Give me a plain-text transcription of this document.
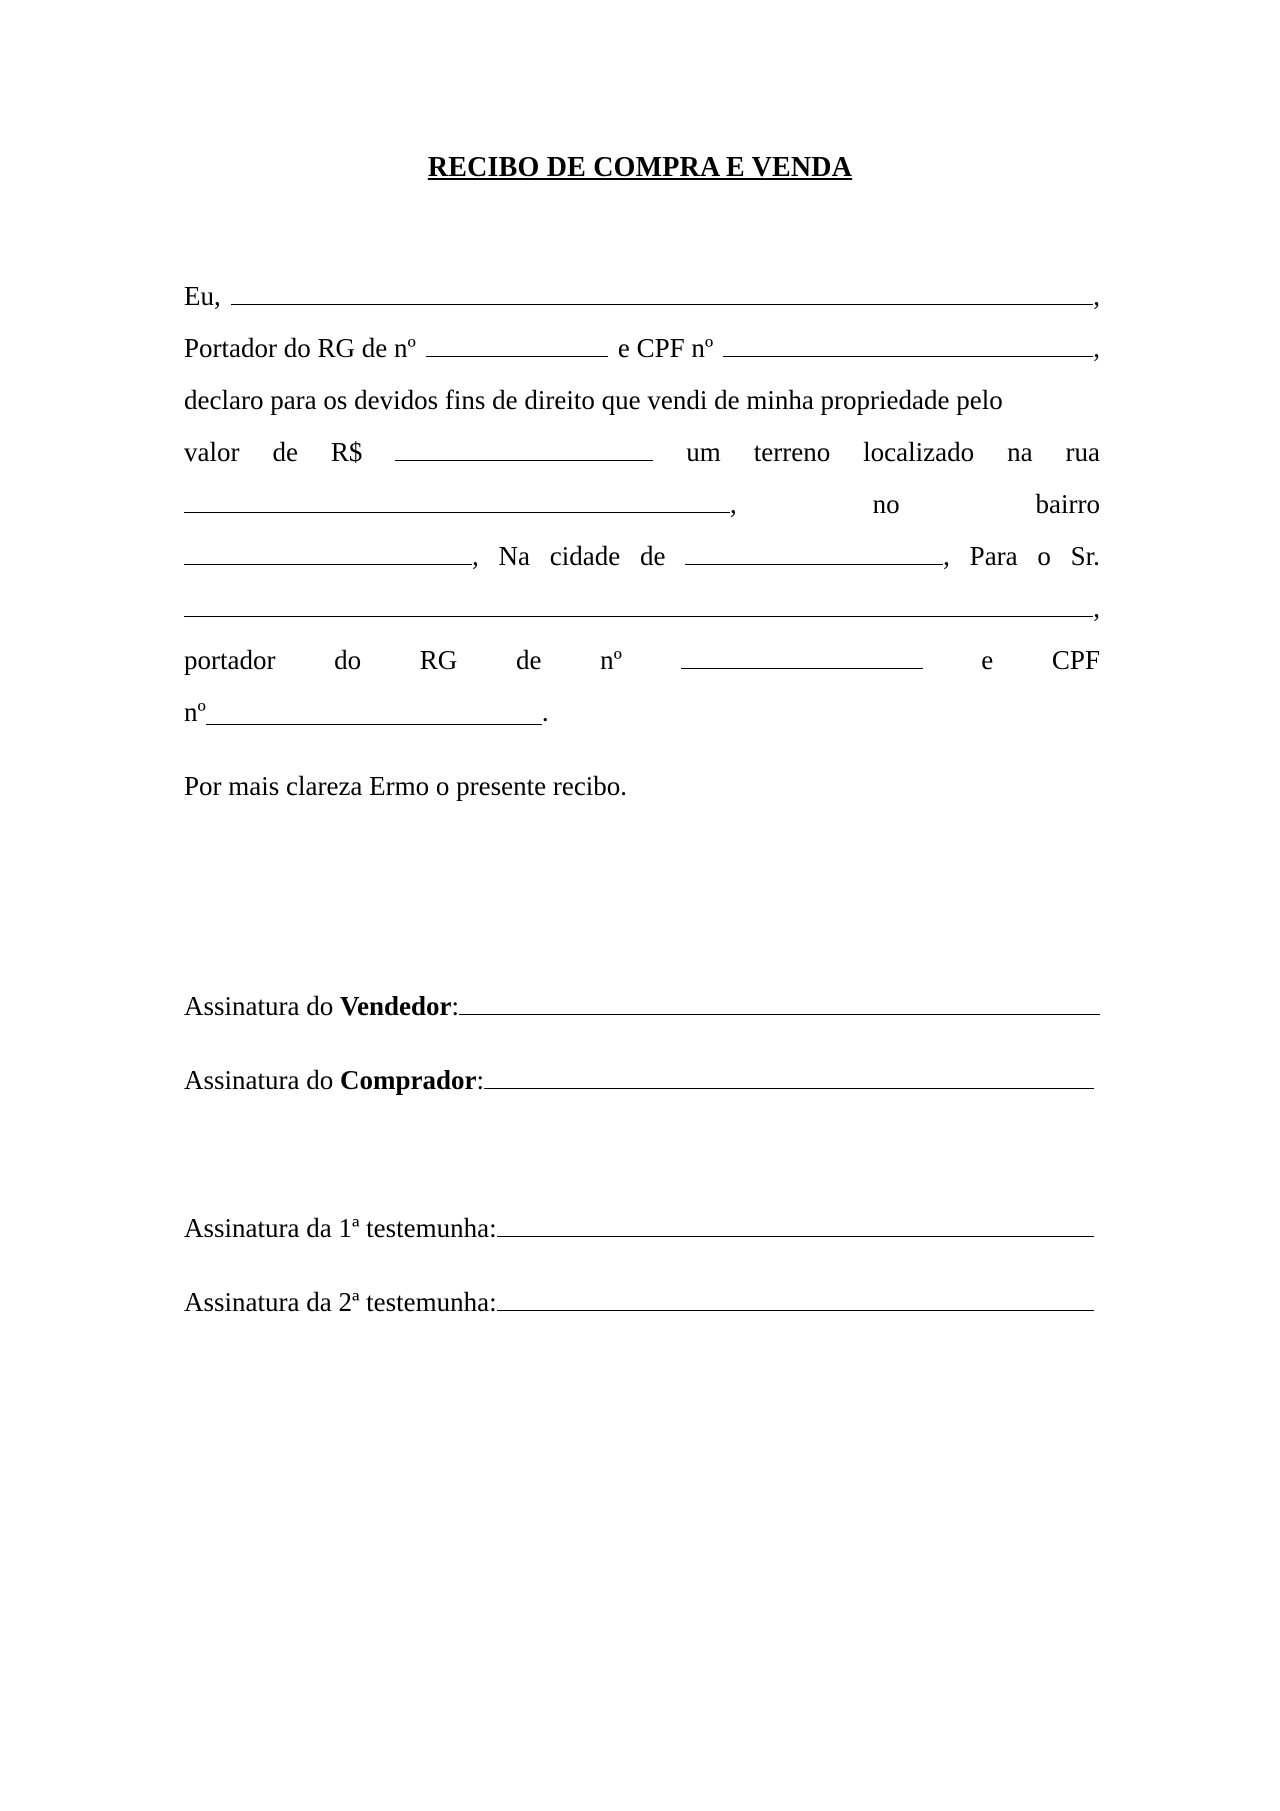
RECIBO DE COMPRA E VENDA
Eu,	,
Portador do RG de nº	e CPF nº	,
declaro para os devidos fins de direito que vendi de minha propriedade pelo
valor de R$	um terreno localizado na rua
,	no	bairro
, Na cidade de	, Para o Sr.
,
portador do RG de nº	e CPF
nº	.
Por mais clareza Ermo o presente recibo.
Assinatura do Vendedor:
Assinatura do Comprador:
Assinatura da 1ª testemunha:
Assinatura da 2ª testemunha:
